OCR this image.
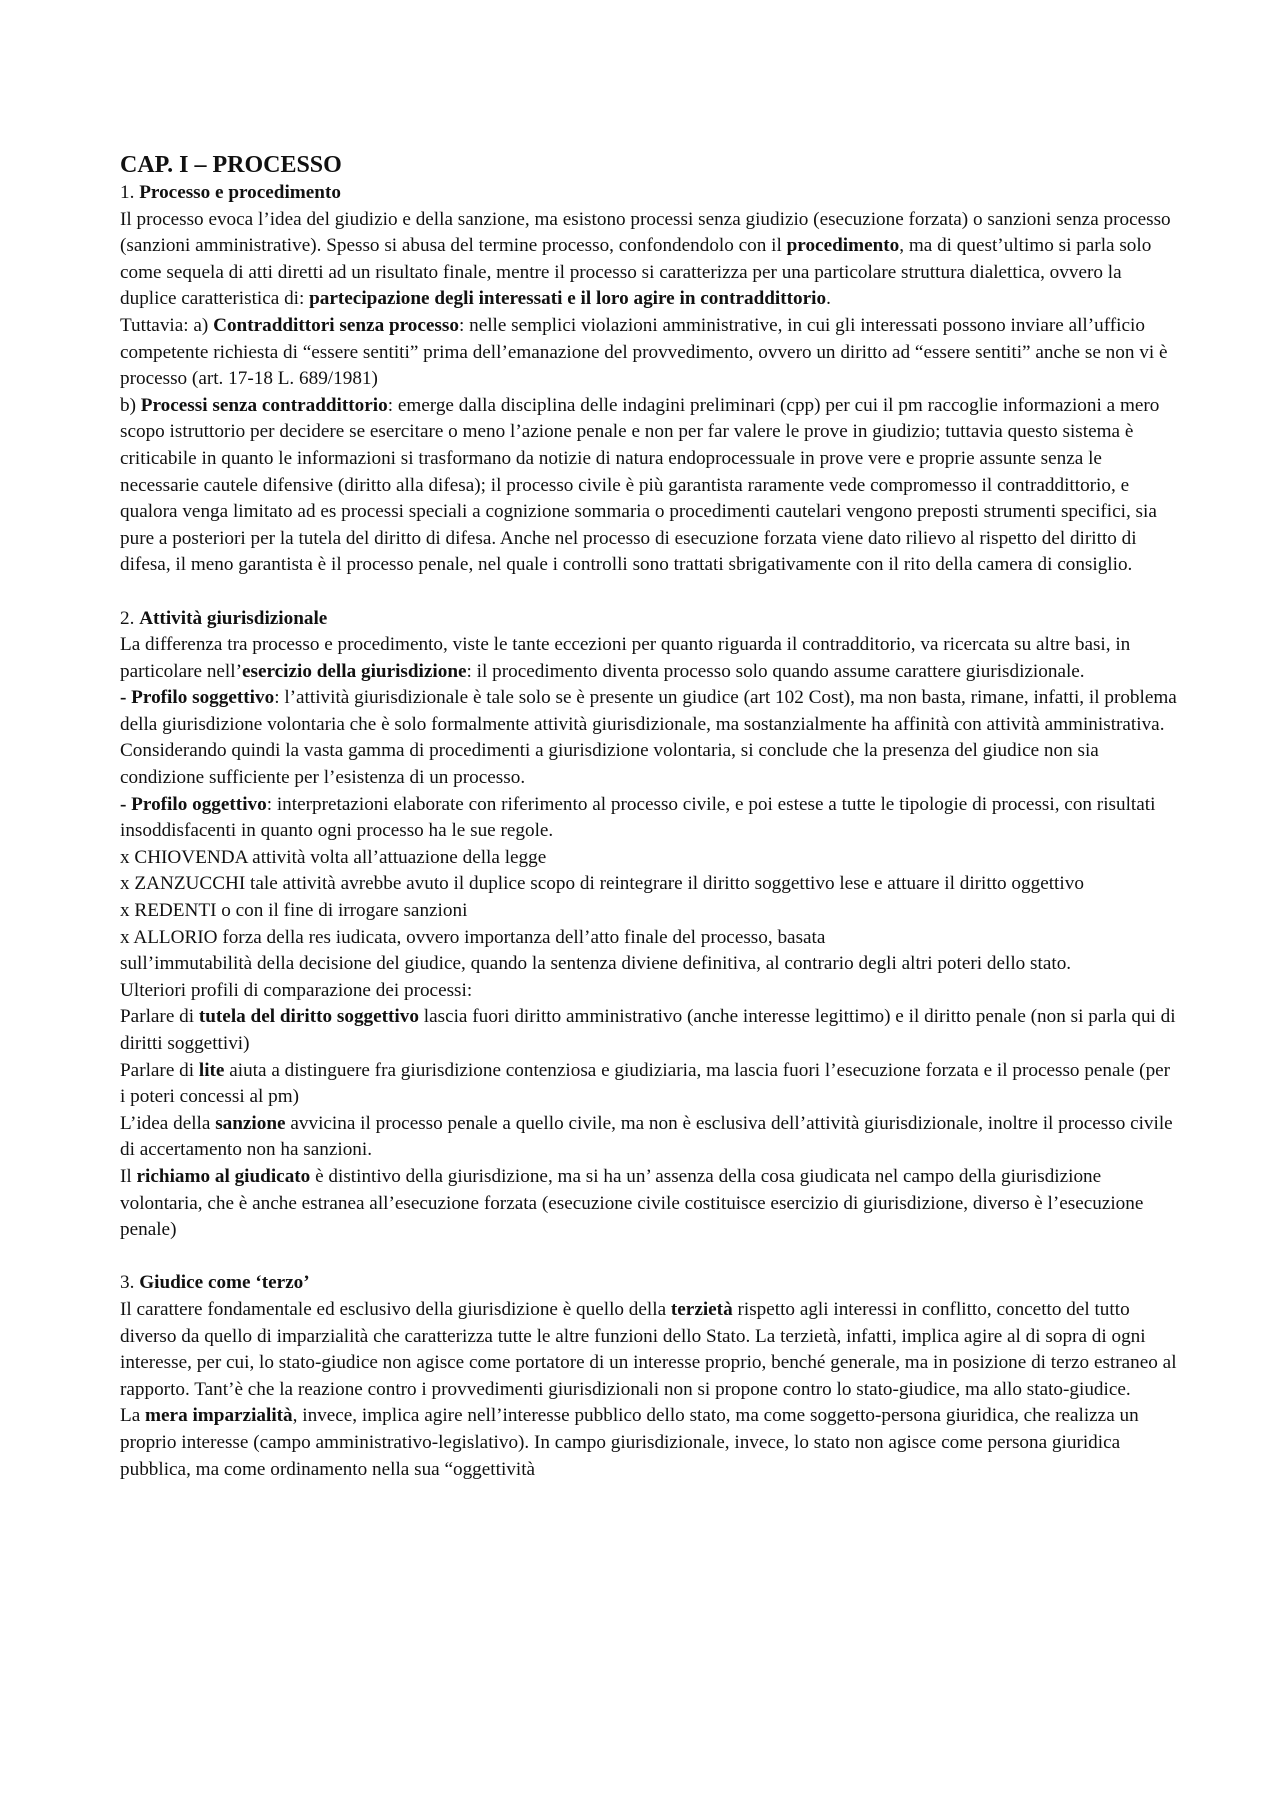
CAP. I – PROCESSO
1. Processo e procedimento
Il processo evoca l’idea del giudizio e della sanzione, ma esistono processi senza giudizio (esecuzione forzata) o sanzioni senza processo (sanzioni amministrative). Spesso si abusa del termine processo, confondendolo con il procedimento, ma di quest’ultimo si parla solo come sequela di atti diretti ad un risultato finale, mentre il processo si caratterizza per una particolare struttura dialettica, ovvero la duplice caratteristica di: partecipazione degli interessati e il loro agire in contraddittorio.
Tuttavia: a) Contraddittori senza processo: nelle semplici violazioni amministrative, in cui gli interessati possono inviare all’ufficio competente richiesta di “essere sentiti” prima dell’emanazione del provvedimento, ovvero un diritto ad “essere sentiti” anche se non vi è processo (art. 17-18 L. 689/1981)
b) Processi senza contraddittorio: emerge dalla disciplina delle indagini preliminari (cpp) per cui il pm raccoglie informazioni a mero scopo istruttorio per decidere se esercitare o meno l’azione penale e non per far valere le prove in giudizio; tuttavia questo sistema è criticabile in quanto le informazioni si trasformano da notizie di natura endoprocessuale in prove vere e proprie assunte senza le necessarie cautele difensive (diritto alla difesa); il processo civile è più garantista raramente vede compromesso il contraddittorio, e qualora venga limitato ad es processi speciali a cognizione sommaria o procedimenti cautelari vengono preposti strumenti specifici, sia pure a posteriori per la tutela del diritto di difesa. Anche nel processo di esecuzione forzata viene dato rilievo al rispetto del diritto di difesa, il meno garantista è il processo penale, nel quale i controlli sono trattati sbrigativamente con il rito della camera di consiglio.
2. Attività giurisdizionale
La differenza tra processo e procedimento, viste le tante eccezioni per quanto riguarda il contradditorio, va ricercata su altre basi, in particolare nell’esercizio della giurisdizione: il procedimento diventa processo solo quando assume carattere giurisdizionale.
- Profilo soggettivo: l’attività giurisdizionale è tale solo se è presente un giudice (art 102 Cost), ma non basta, rimane, infatti, il problema della giurisdizione volontaria che è solo formalmente attività giurisdizionale, ma sostanzialmente ha affinità con attività amministrativa. Considerando quindi la vasta gamma di procedimenti a giurisdizione volontaria, si conclude che la presenza del giudice non sia condizione sufficiente per l’esistenza di un processo.
- Profilo oggettivo: interpretazioni elaborate con riferimento al processo civile, e poi estese a tutte le tipologie di processi, con risultati insoddisfacenti in quanto ogni processo ha le sue regole.
x CHIOVENDA attività volta all’attuazione della legge
x ZANZUCCHI tale attività avrebbe avuto il duplice scopo di reintegrare il diritto soggettivo lese e attuare il diritto oggettivo
x REDENTI o con il fine di irrogare sanzioni
x ALLORIO forza della res iudicata, ovvero importanza dell’atto finale del processo, basata
sull’immutabilità della decisione del giudice, quando la sentenza diviene definitiva, al contrario degli altri poteri dello stato.
Ulteriori profili di comparazione dei processi:
Parlare di tutela del diritto soggettivo lascia fuori diritto amministrativo (anche interesse legittimo) e il diritto penale (non si parla qui di diritti soggettivi)
Parlare di lite aiuta a distinguere fra giurisdizione contenziosa e giudiziaria, ma lascia fuori l’esecuzione forzata e il processo penale (per i poteri concessi al pm)
L’idea della sanzione avvicina il processo penale a quello civile, ma non è esclusiva dell’attività giurisdizionale, inoltre il processo civile di accertamento non ha sanzioni.
Il richiamo al giudicato è distintivo della giurisdizione, ma si ha un’ assenza della cosa giudicata nel campo della giurisdizione volontaria, che è anche estranea all’esecuzione forzata (esecuzione civile costituisce esercizio di giurisdizione, diverso è l’esecuzione penale)
3. Giudice come ‘terzo’
Il carattere fondamentale ed esclusivo della giurisdizione è quello della terzietà rispetto agli interessi in conflitto, concetto del tutto diverso da quello di imparzialità che caratterizza tutte le altre funzioni dello Stato. La terzietà, infatti, implica agire al di sopra di ogni interesse, per cui, lo stato-giudice non agisce come portatore di un interesse proprio, benché generale, ma in posizione di terzo estraneo al rapporto. Tant’è che la reazione contro i provvedimenti giurisdizionali non si propone contro lo stato-giudice, ma allo stato-giudice.
La mera imparzialità, invece, implica agire nell’interesse pubblico dello stato, ma come soggetto-persona giuridica, che realizza un proprio interesse (campo amministrativo-legislativo). In campo giurisdizionale, invece, lo stato non agisce come persona giuridica pubblica, ma come ordinamento nella sua “oggettività
